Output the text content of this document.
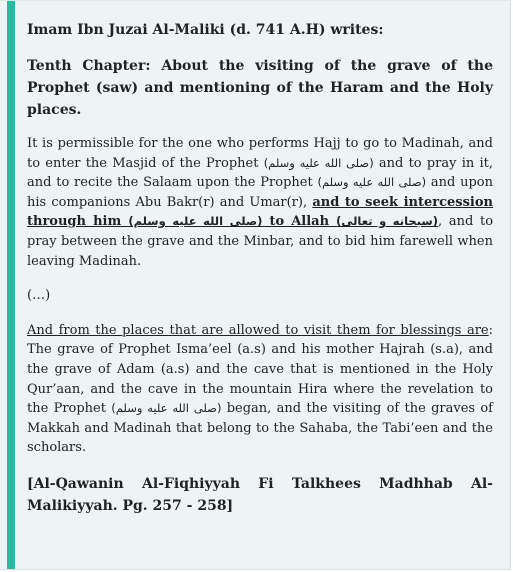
Imam Ibn Juzai Al-Maliki (d. 741 A.H) writes:

Tenth Chapter: About the visiting of the grave of the Prophet (saw) and mentioning of the Haram and the Holy places.

It is permissible for the one who performs Hajj to go to Madinah, and to enter the Masjid of the Prophet (صلى الله عليه وسلم) and to pray in it, and to recite the Salaam upon the Prophet (صلى الله عليه وسلم) and upon his companions Abu Bakr(r) and Umar(r), and to seek intercession through him (صلى الله عليه وسلم) to Allah (سبحانه و تعالى), and to pray between the grave and the Minbar, and to bid him farewell when leaving Madinah.

(…)

And from the places that are allowed to visit them for blessings are: The grave of Prophet Isma’eel (a.s) and his mother Hajrah (s.a), and the grave of Adam (a.s) and the cave that is mentioned in the Holy Qur’aan, and the cave in the mountain Hira where the revelation to the Prophet (صلى الله عليه وسلم) began, and the visiting of the graves of Makkah and Madinah that belong to the Sahaba, the Tabi’een and the scholars.

[Al-Qawanin Al-Fiqhiyyah Fi Talkhees Madhhab Al-Malikiyyah. Pg. 257 - 258]
